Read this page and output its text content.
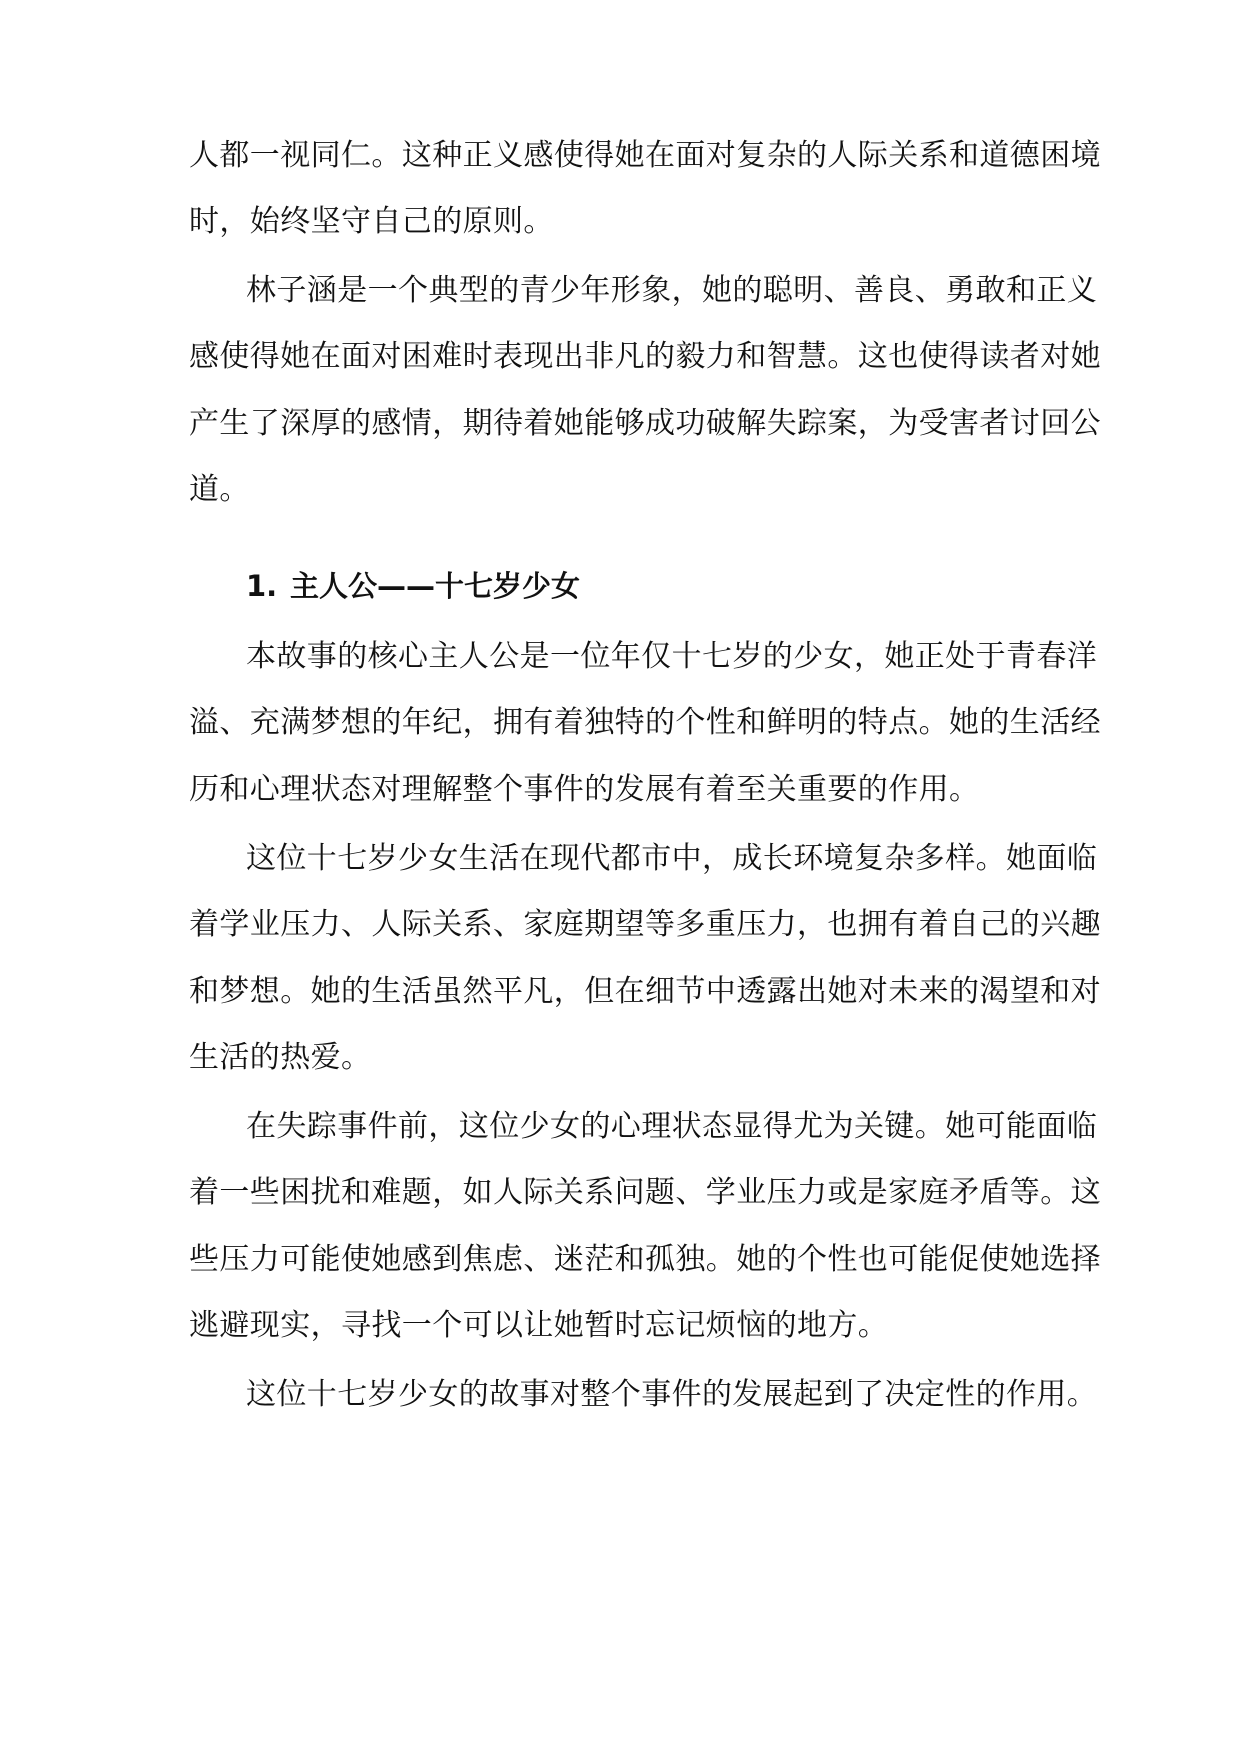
人都一视同仁。这种正义感使得她在面对复杂的人际关系和道德困境
时，始终坚守自己的原则。
林子涵是一个典型的青少年形象，她的聪明、善良、勇敢和正义
感使得她在面对困难时表现出非凡的毅力和智慧。这也使得读者对她
产生了深厚的感情，期待着她能够成功破解失踪案，为受害者讨回公
道。
1. 主人公——十七岁少女
本故事的核心主人公是一位年仅十七岁的少女，她正处于青春洋
溢、充满梦想的年纪，拥有着独特的个性和鲜明的特点。她的生活经
历和心理状态对理解整个事件的发展有着至关重要的作用。
这位十七岁少女生活在现代都市中，成长环境复杂多样。她面临
着学业压力、人际关系、家庭期望等多重压力，也拥有着自己的兴趣
和梦想。她的生活虽然平凡，但在细节中透露出她对未来的渴望和对
生活的热爱。
在失踪事件前，这位少女的心理状态显得尤为关键。她可能面临
着一些困扰和难题，如人际关系问题、学业压力或是家庭矛盾等。这
些压力可能使她感到焦虑、迷茫和孤独。她的个性也可能促使她选择
逃避现实，寻找一个可以让她暂时忘记烦恼的地方。
这位十七岁少女的故事对整个事件的发展起到了决定性的作用。
